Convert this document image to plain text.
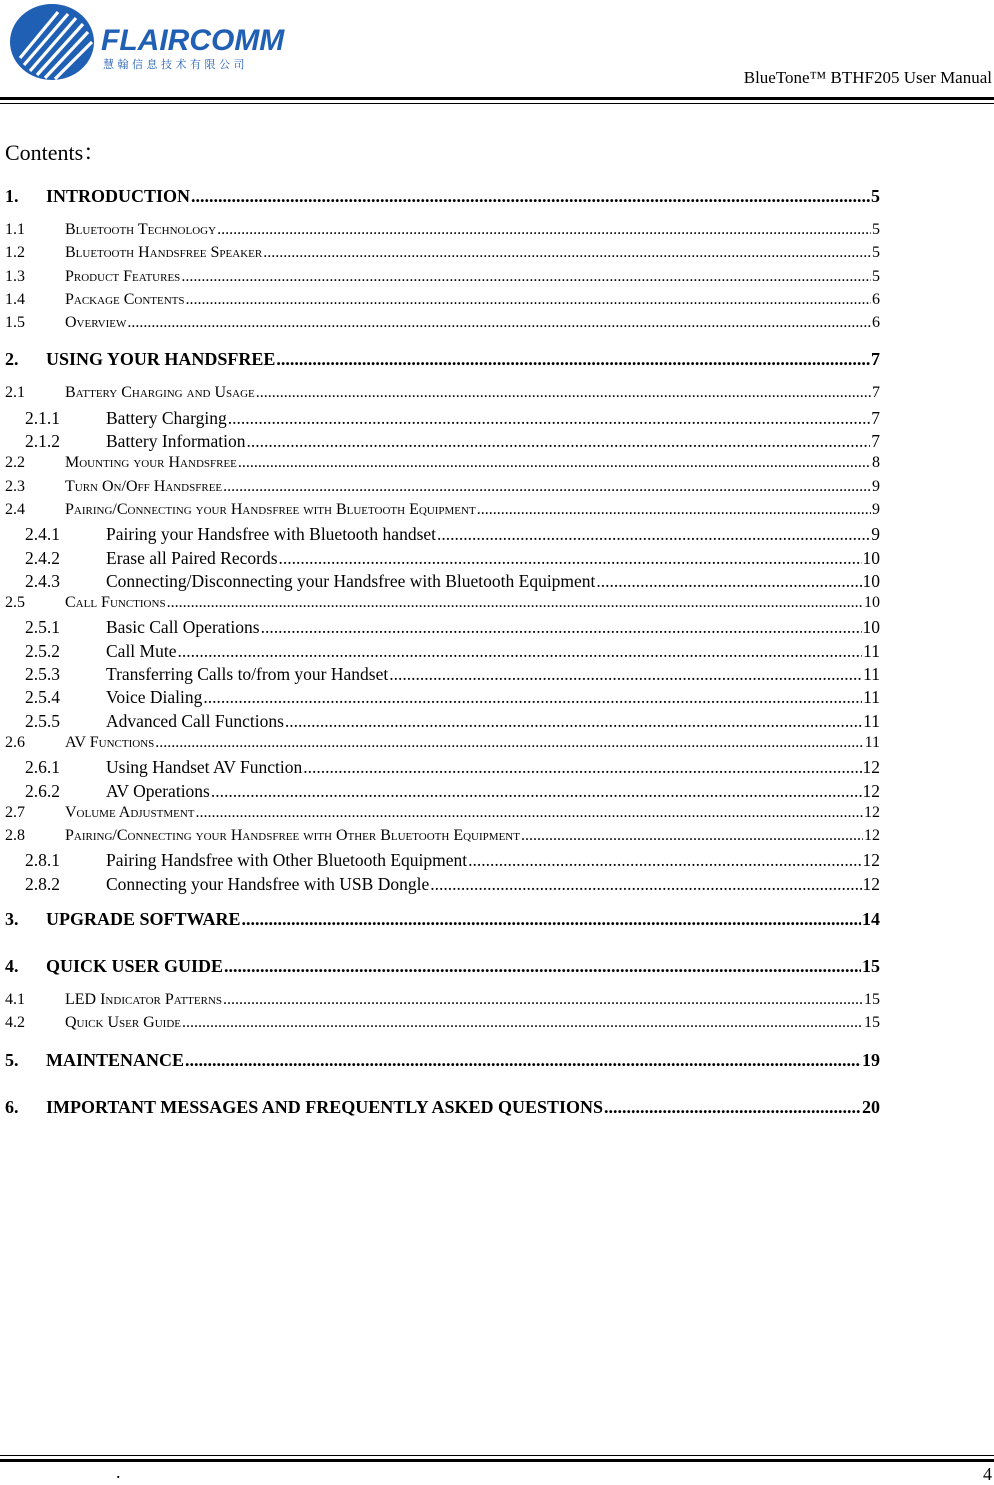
FLAIRCOMM
慧 翰 信 息 技 术 有 限 公 司
BlueTone™ BTHF205 User Manual
Contents：
1.	INTRODUCTION .....	5
1.1	Bluetooth Technology .....	5
1.2	Bluetooth Handsfree Speaker .....	5
1.3	Product Features .....	5
1.4	Package Contents .....	6
1.5	Overview .....	6
2.	USING YOUR HANDSFREE .....	7
2.1	Battery Charging and Usage .....	7
2.1.1	Battery Charging .....	7
2.1.2	Battery Information .....	7
2.2	Mounting your Handsfree .....	8
2.3	Turn On/Off Handsfree .....	9
2.4	Pairing/Connecting your Handsfree with Bluetooth Equipment .....	9
2.4.1	Pairing your Handsfree with Bluetooth handset .....	9
2.4.2	Erase all Paired Records .....	10
2.4.3	Connecting/Disconnecting your Handsfree with Bluetooth Equipment .....	10
2.5	Call Functions .....	10
2.5.1	Basic Call Operations .....	10
2.5.2	Call Mute .....	11
2.5.3	Transferring Calls to/from your Handset .....	11
2.5.4	Voice Dialing .....	11
2.5.5	Advanced Call Functions .....	11
2.6	AV Functions .....	11
2.6.1	Using Handset AV Function .....	12
2.6.2	AV Operations .....	12
2.7	Volume Adjustment .....	12
2.8	Pairing/Connecting your Handsfree with Other Bluetooth Equipment .....	12
2.8.1	Pairing Handsfree with Other Bluetooth Equipment .....	12
2.8.2	Connecting your Handsfree with USB Dongle .....	12
3.	UPGRADE SOFTWARE .....	14
4.	QUICK USER GUIDE .....	15
4.1	LED Indicator Patterns .....	15
4.2	Quick User Guide .....	15
5.	MAINTENANCE .....	19
6.	IMPORTANT MESSAGES AND FREQUENTLY ASKED QUESTIONS .....	20
.	4
